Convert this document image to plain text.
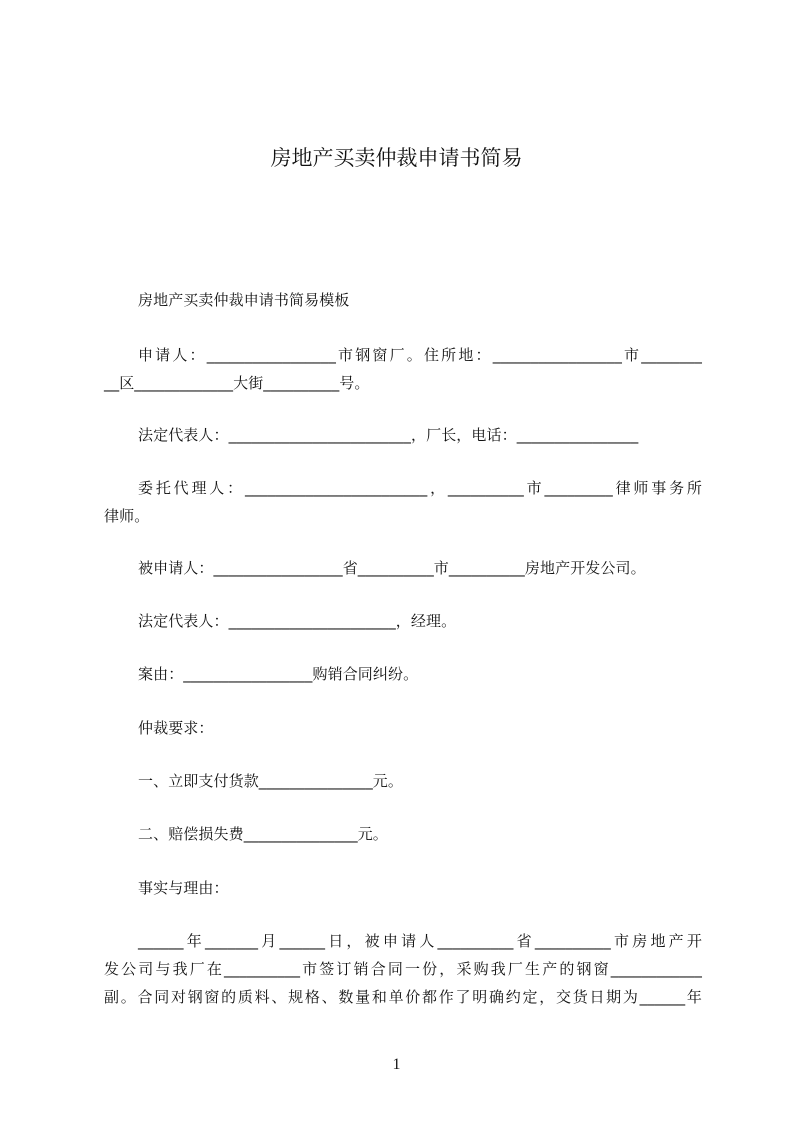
房地产买卖仲裁申请书简易
房地产买卖仲裁申请书简易模板
申请人：_________________市钢窗厂。住所地：_________________市________
__区_____________大街__________号。
法定代表人：________________________，厂长，电话：________________
委托代理人：________________________，__________市_________律师事务所
律师。
被申请人：_________________省__________市__________房地产开发公司。
法定代表人：______________________，经理。
案由：_________________购销合同纠纷。
仲裁要求：
一、立即支付货款_______________元。
二、赔偿损失费_______________元。
事实与理由：
______年_______月______日，被申请人__________省__________市房地产开
发公司与我厂在__________市签订销合同一份，采购我厂生产的钢窗____________
副。合同对钢窗的质料、规格、数量和单价都作了明确约定，交货日期为______年
1
